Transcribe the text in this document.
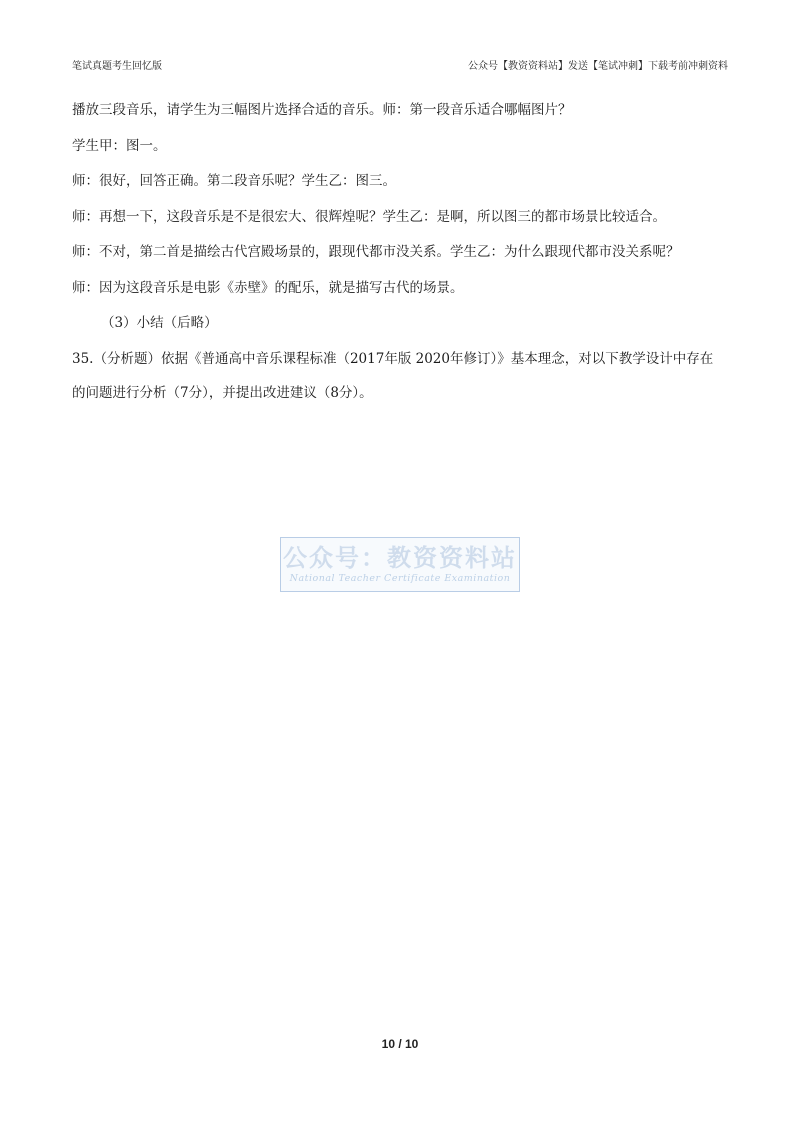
笔试真题考生回忆版	公众号【教资资料站】发送【笔试冲刺】下载考前冲刺资料

播放三段音乐，请学生为三幅图片选择合适的音乐。师：第一段音乐适合哪幅图片？

学生甲：图一。

师：很好，回答正确。第二段音乐呢？学生乙：图三。

师：再想一下，这段音乐是不是很宏大、很辉煌呢？学生乙：是啊，所以图三的都市场景比较适合。

师：不对，第二首是描绘古代宫殿场景的，跟现代都市没关系。学生乙：为什么跟现代都市没关系呢？

师：因为这段音乐是电影《赤壁》的配乐，就是描写古代的场景。

（3）小结（后略）

35.（分析题）依据《普通高中音乐课程标准（2017年版 2020年修订）》基本理念，对以下教学设计中存在

的问题进行分析（7分），并提出改进建议（8分）。

公众号：教资资料站
National Teacher Certificate Examination
10 / 10
